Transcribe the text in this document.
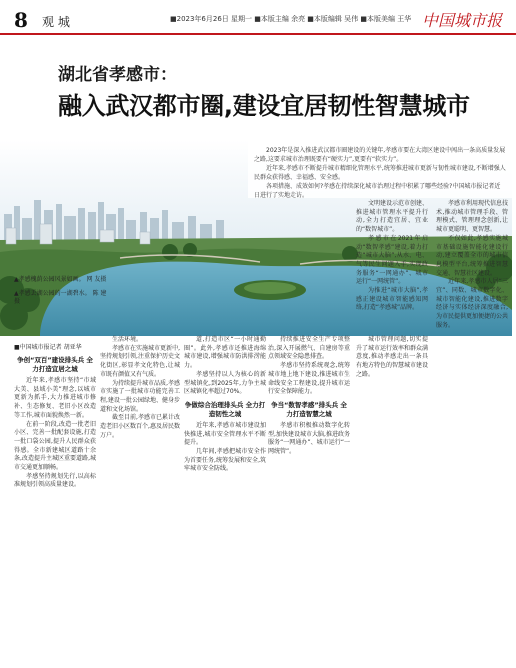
8 观 城	■2023年6月26日 星期一 ■本版主编 余亮 ■本版编辑 吴伟 ■本版美编 王华 中国城市报
湖北省孝感市：
融入武汉都市圈,建设宜居韧性智慧城市

2023年是深入推进武汉都市圈建设的关键年,孝感市要在大湾区建设中闯出一条高质量发展之路,这要求城市治理既要有“硬实力”,更要有“软实力”。

近年来,孝感市不断提升城市精细化管理水平,统筹推进城市更新与韧性城市建设,不断增强人民群众获得感、幸福感、安全感。

各项措施、成效如何?孝感在持续深化城市治理过程中积累了哪些经验?中国城市报记者近日进行了实地走访。

▲孝感槐荫公园风景如画。 网 友摄
▲孝感丢湖公园的一湖碧水。 陈 建 摄
■中国城市报记者 胡亚华
争创“双百”建设排头兵 全力打造宜居之城

近年来,孝感市坚持“市域大美、县域小美”理念,以城市更新为抓手,大力推进城市修补、生态修复、老旧小区改造等工作,城市面貌焕然一新。

在前一阶段,改造一批老旧小区、完善一批配套设施,打造一批口袋公园,提升人民群众获得感。全市新建城区道路十余条,改造提升主城区重要道路,城市交通更加顺畅。

孝感坚持规划先行,以高标准规划引领高质量建设。

生活环境。

孝感市在实施城市更新中,坚持规划引领,注重保护历史文化街区,彰显孝文化特色,让城市既有颜值又有气质。

为持续提升城市品质,孝感市实施了一批城市功能完善工程,建设一批公园绿地、健身步道和文化场馆。

截至目前,孝感市已累计改造老旧小区数百个,惠及居民数万户。

道,打造市区“一小时通勤圈”。此外,孝感市还推进海绵城市建设,增强城市防洪排涝能力。

孝感坚持以人为核心的新型城镇化,到2025年,力争主城区城镇化率超过70%。

争做综合治理排头兵 全力打造韧性之城

近年来,孝感市城市建设加快推进,城市安全管理水平不断提升。

几年间,孝感把城市安全作为首要任务,统筹发展和安全,筑牢城市安全防线。

持续推进安全生产专项整治,深入开展燃气、自建房等重点领域安全隐患排查。

孝感市坚持系统观念,统筹城市地上地下建设,推进城市生命线安全工程建设,提升城市运行安全保障能力。

争当“数智孝感”排头兵 全力打造智慧之城

孝感市积极推动数字化转型,加快建设城市大脑,推进政务服务“一网通办”、城市运行“一网统管”。

文明建设示范市创建、推进城市管理水平提升行动,全力打造宜居、宜业的“数智城市”。

孝感市在2021年启动“数智孝感”建设,着力打造“城市大脑”,从水、电、气等民生问题入手,实现政务服务“一网通办”、城市运行“一网统管”。

为推进“城市大脑”,孝感正建设城市智能感知网络,打造“孝感城”品牌。

孝感市利用现代信息技术,推动城市管理手段、管理模式、管理理念创新,让城市更聪明、更智慧。

不仅如此,孝感实施城市基础设施智能化建设行动,建立覆盖全市的城市信息模型平台,统筹推进智慧交通、智慧社区建设。

近年来,孝感市人居“三宜”、同数、城市数字化、城市智能化建设,推进数字经济与实体经济深度融合,为市民提供更加便捷的公共服务。

城市管理问题,切实提升了城市运行效率和群众满意度,推动孝感走出一条具有地方特色的智慧城市建设之路。
